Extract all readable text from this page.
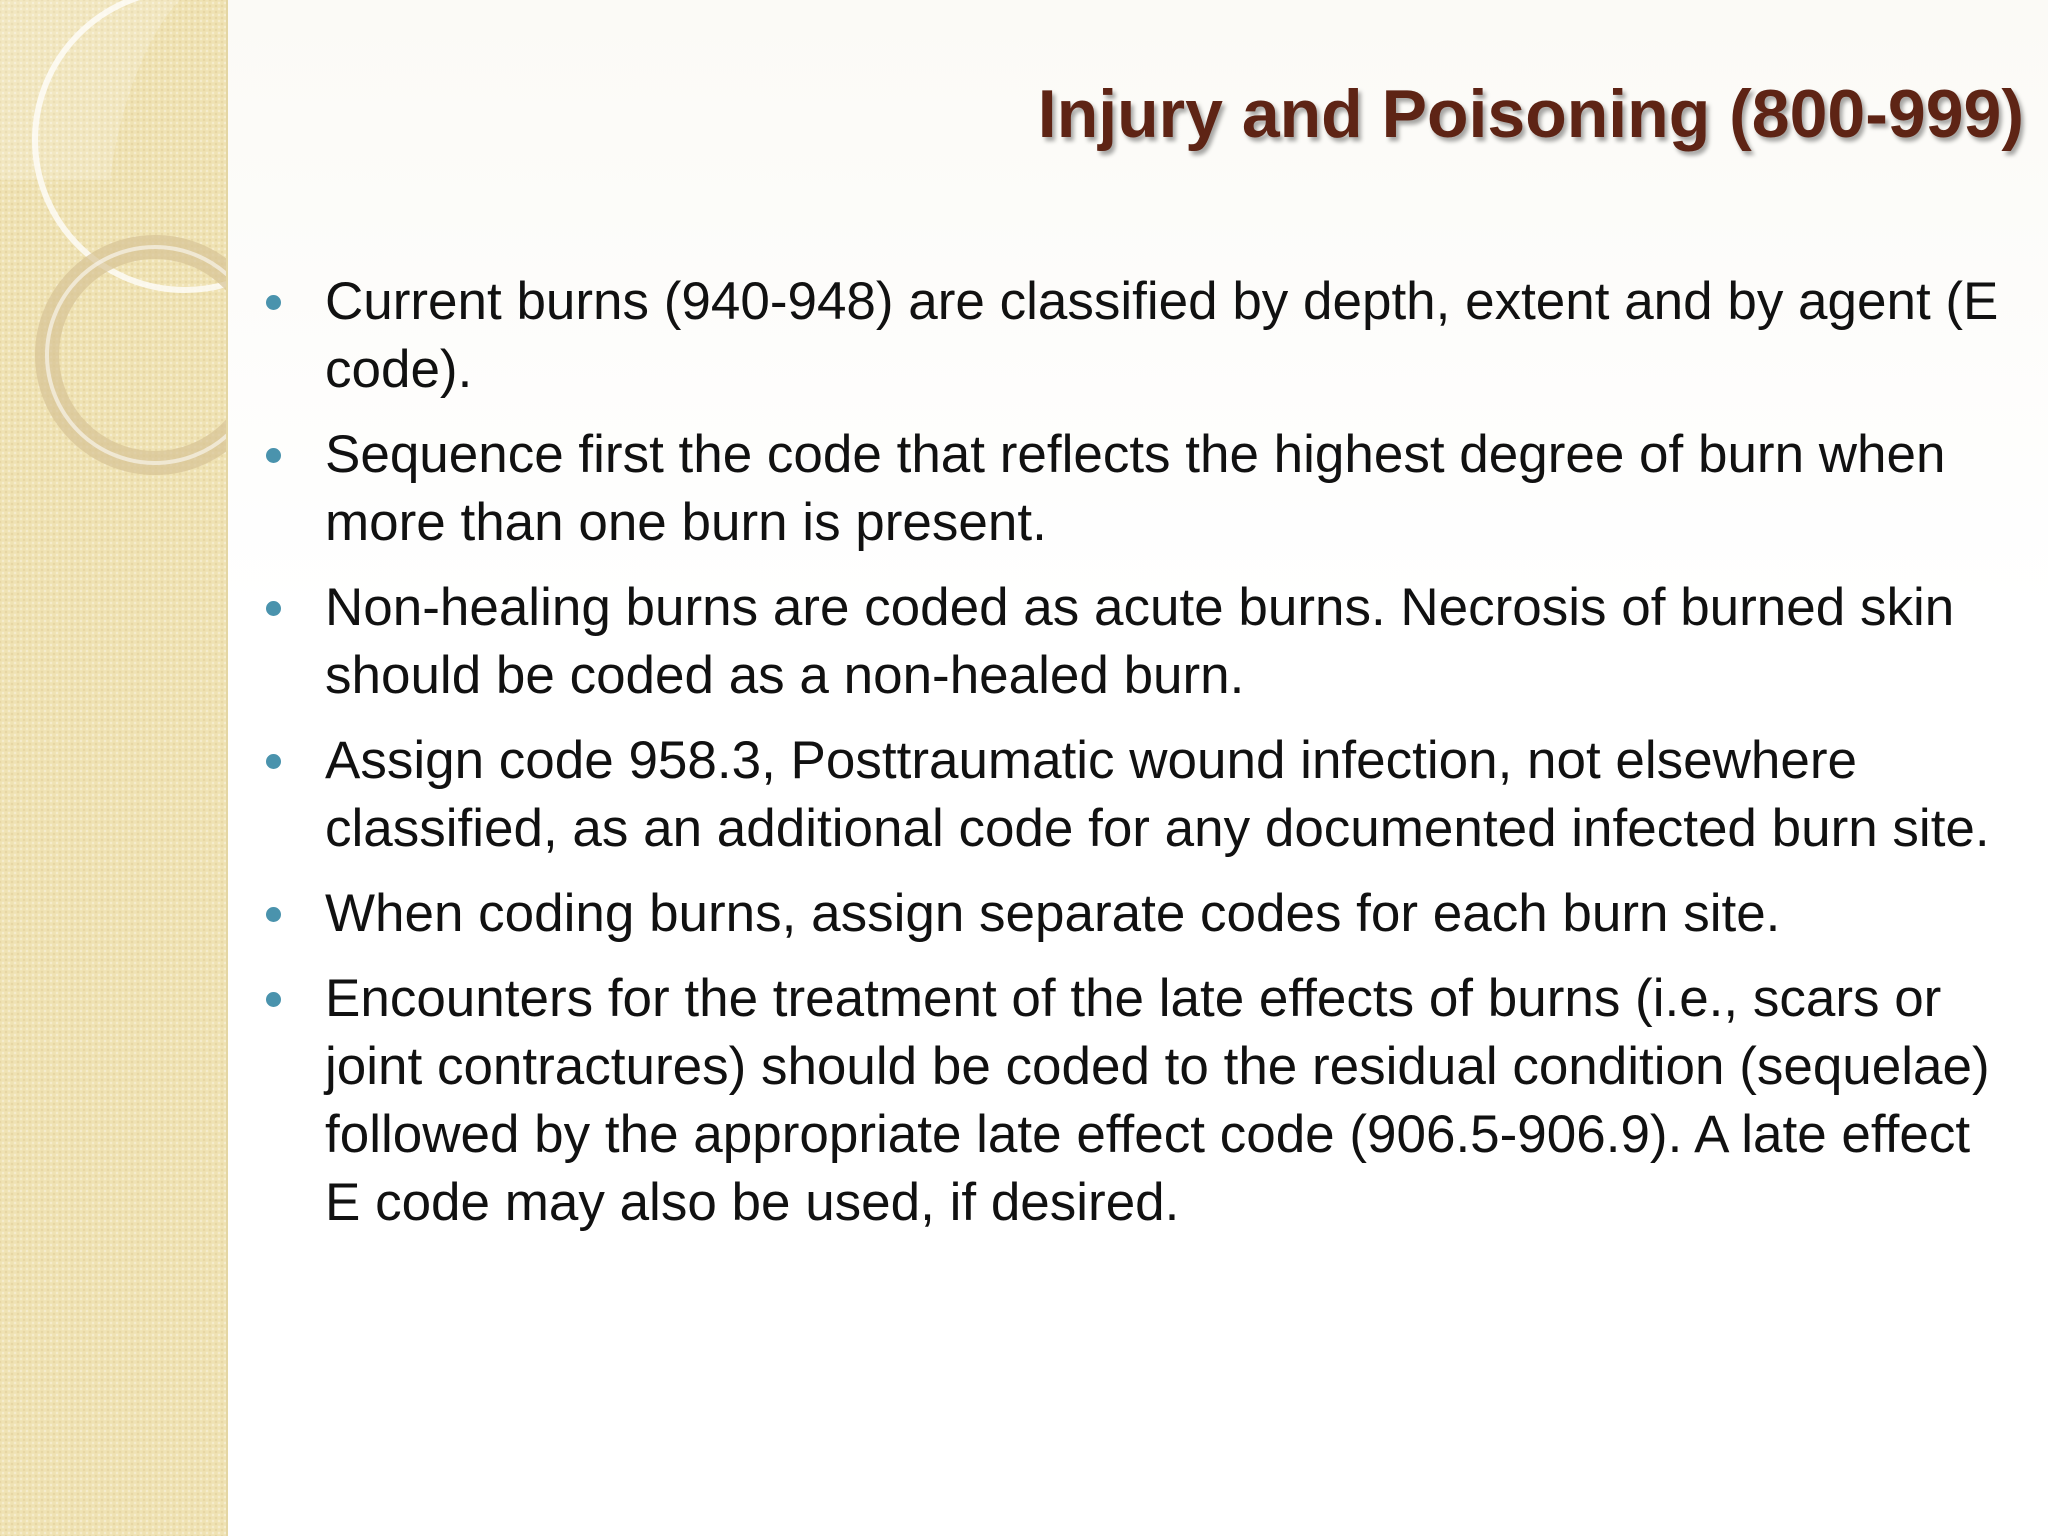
Injury and Poisoning (800-999)
Current burns (940-948) are classified by depth, extent and by agent (E code).
Sequence first the code that reflects the highest degree of burn when more than one burn is present.
Non-healing burns are coded as acute burns. Necrosis of burned skin should be coded as a non-healed burn.
Assign code 958.3, Posttraumatic wound infection, not elsewhere classified, as an additional code for any documented infected burn site.
When coding burns, assign separate codes for each burn site.
Encounters for the treatment of the late effects of burns (i.e., scars or joint contractures) should be coded to the residual condition (sequelae) followed by the appropriate late effect code (906.5-906.9). A late effect E code may also be used, if desired.
